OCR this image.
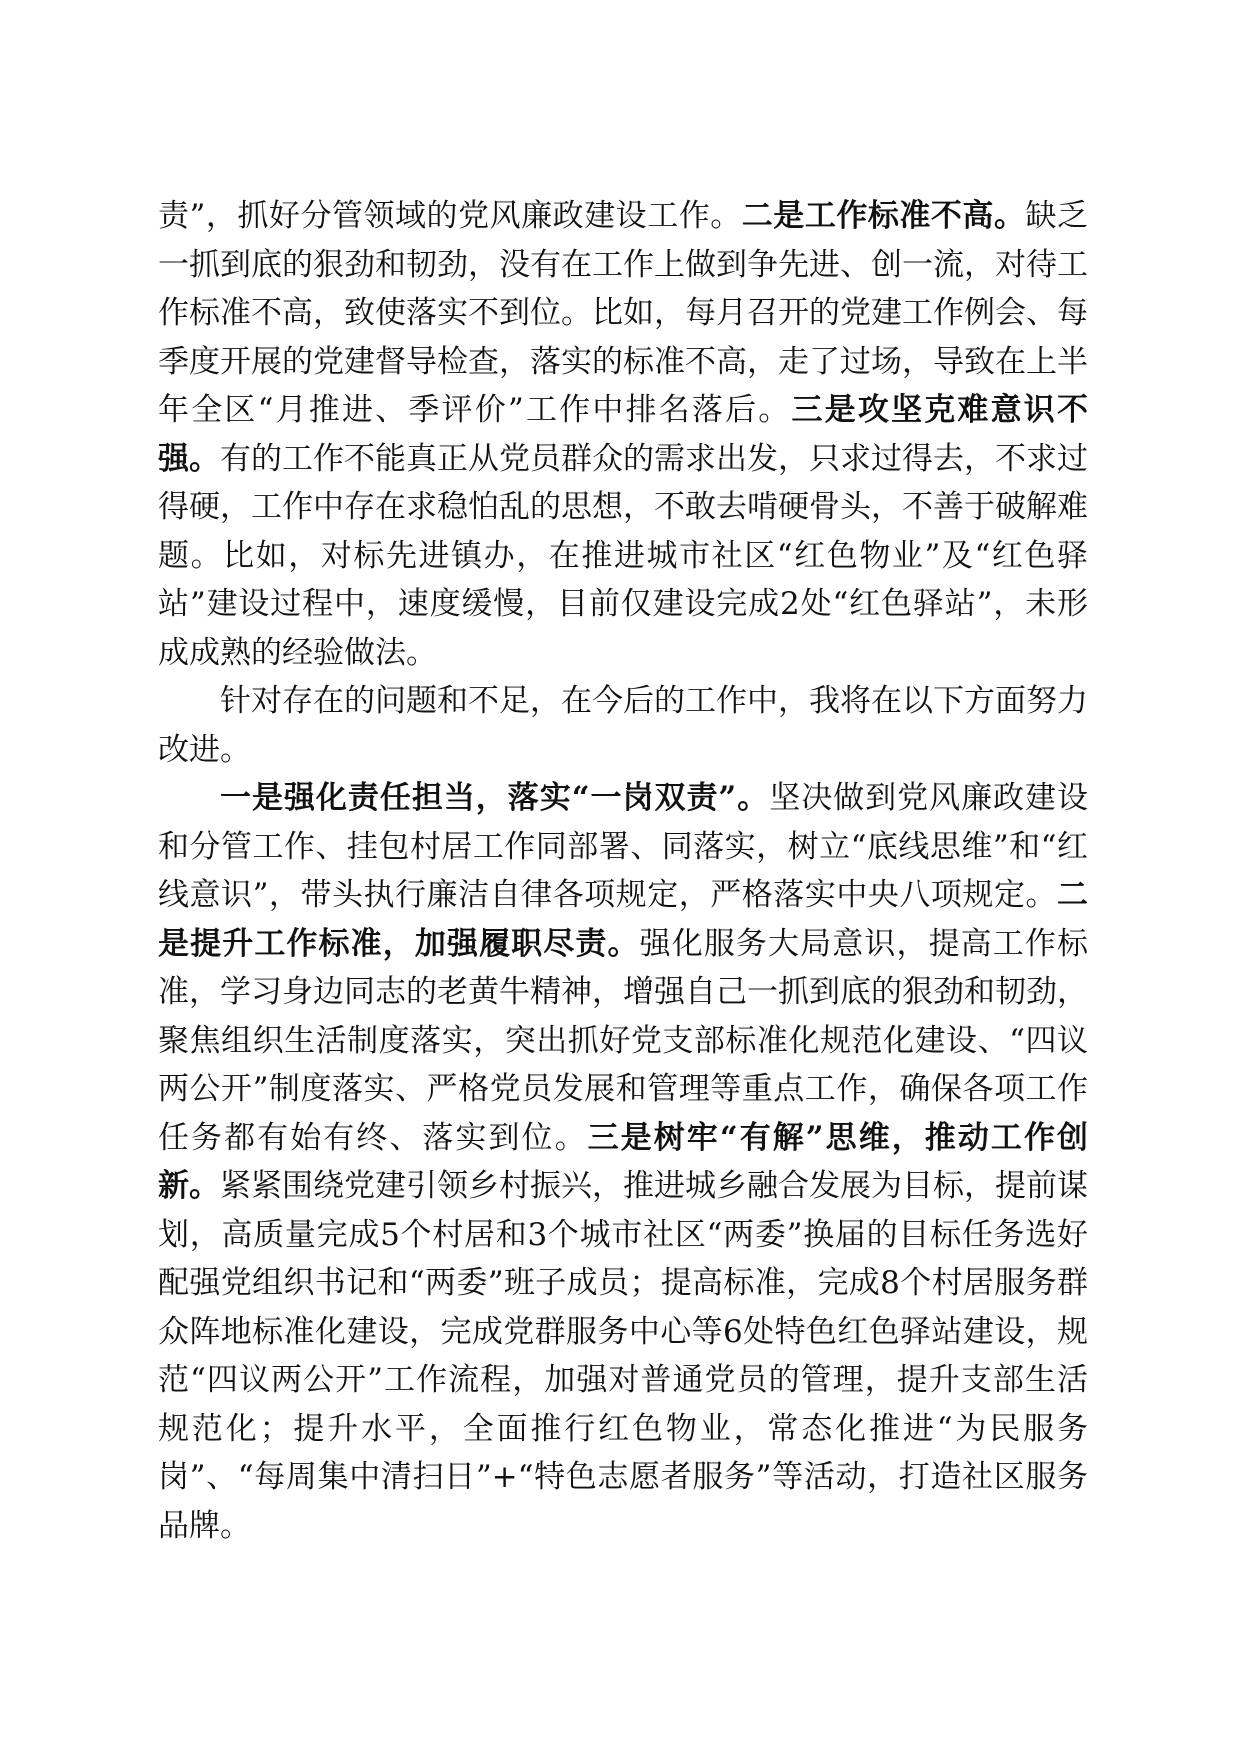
责”，抓好分管领域的党风廉政建设工作。二是工作标准不高。缺乏一抓到底的狠劲和韧劲，没有在工作上做到争先进、创一流，对待工作标准不高，致使落实不到位。比如，每月召开的党建工作例会、每季度开展的党建督导检查，落实的标准不高，走了过场，导致在上半年全区“月推进、季评价”工作中排名落后。三是攻坚克难意识不强。有的工作不能真正从党员群众的需求出发，只求过得去，不求过得硬，工作中存在求稳怕乱的思想，不敢去啃硬骨头，不善于破解难题。比如，对标先进镇办，在推进城市社区“红色物业”及“红色驿站”建设过程中，速度缓慢，目前仅建设完成2处“红色驿站”，未形成成熟的经验做法。

针对存在的问题和不足，在今后的工作中，我将在以下方面努力改进。

一是强化责任担当，落实“一岗双责”。坚决做到党风廉政建设和分管工作、挂包村居工作同部署、同落实，树立“底线思维”和“红线意识”，带头执行廉洁自律各项规定，严格落实中央八项规定。二是提升工作标准，加强履职尽责。强化服务大局意识，提高工作标准，学习身边同志的老黄牛精神，增强自己一抓到底的狠劲和韧劲，聚焦组织生活制度落实，突出抓好党支部标准化规范化建设、“四议两公开”制度落实、严格党员发展和管理等重点工作，确保各项工作任务都有始有终、落实到位。三是树牢“有解”思维，推动工作创新。紧紧围绕党建引领乡村振兴，推进城乡融合发展为目标，提前谋划，高质量完成5个村居和3个城市社区“两委”换届的目标任务选好配强党组织书记和“两委”班子成员；提高标准，完成8个村居服务群众阵地标准化建设，完成党群服务中心等6处特色红色驿站建设，规范“四议两公开”工作流程，加强对普通党员的管理，提升支部生活规范化；提升水平，全面推行红色物业，常态化推进“为民服务岗”、“每周集中清扫日”+“特色志愿者服务”等活动，打造社区服务品牌。
